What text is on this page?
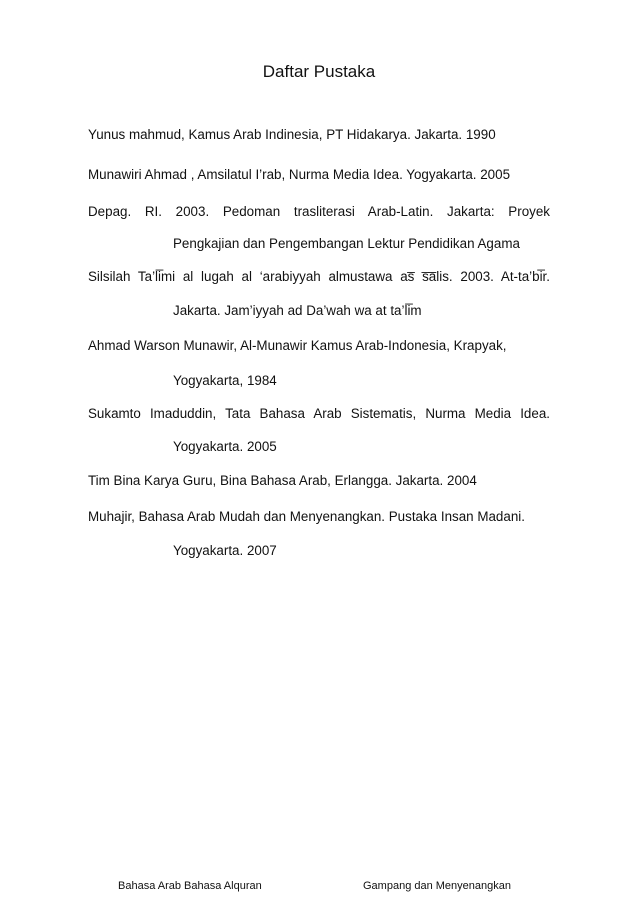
Daftar Pustaka
Yunus mahmud, Kamus Arab Indinesia, PT Hidakarya. Jakarta. 1990
Munawiri Ahmad , Amsilatul I’rab, Nurma Media Idea. Yogyakarta. 2005
Depag. RI. 2003. Pedoman trasliterasi Arab-Latin. Jakarta: Proyek
Pengkajian dan Pengembangan Lektur Pendidikan Agama
Silsilah Ta’li̅mi al lugah al ‘arabiyyah almustawa as̅ s̅a̅lis. 2003. At-ta’bi̅r.
Jakarta. Jam’iyyah ad Da’wah wa at ta’li̅m
Ahmad Warson Munawir, Al-Munawir Kamus Arab-Indonesia, Krapyak,
Yogyakarta, 1984
Sukamto Imaduddin, Tata Bahasa Arab Sistematis, Nurma Media Idea.
Yogyakarta. 2005
Tim Bina Karya Guru, Bina Bahasa Arab, Erlangga. Jakarta. 2004
Muhajir, Bahasa Arab Mudah dan Menyenangkan. Pustaka Insan Madani.
Yogyakarta. 2007
Bahasa Arab Bahasa Alquran	Gampang dan Menyenangkan
